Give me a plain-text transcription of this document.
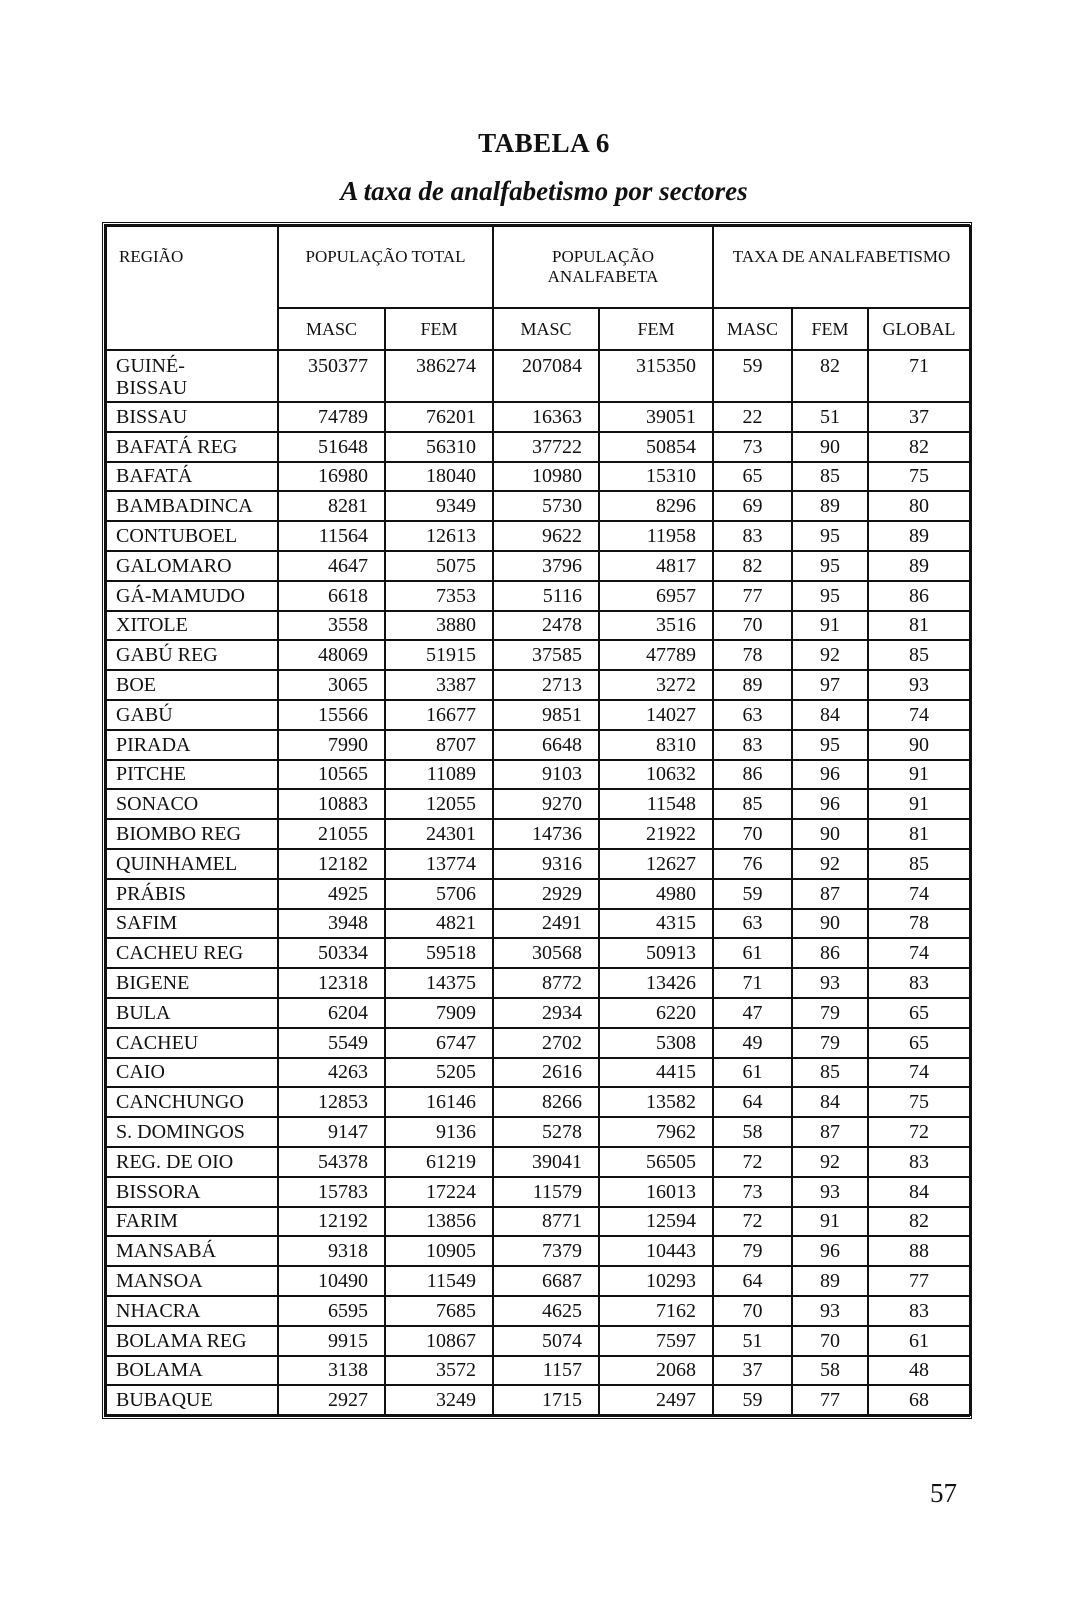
TABELA 6
A taxa de analfabetismo por sectores
REGIÃO	POPULAÇÃO TOTAL		POPULAÇÃO ANALFABETA		TAXA DE ANALFABETISMO		
	MASC	FEM	MASC	FEM	MASC	FEM	GLOBAL
GUINÉ-
BISSAU	350377	386274	207084	315350	59	82	71
BISSAU	74789	76201	16363	39051	22	51	37
BAFATÁ REG	51648	56310	37722	50854	73	90	82
BAFATÁ	16980	18040	10980	15310	65	85	75
BAMBADINCA	8281	9349	5730	8296	69	89	80
CONTUBOEL	11564	12613	9622	11958	83	95	89
GALOMARO	4647	5075	3796	4817	82	95	89
GÁ-MAMUDO	6618	7353	5116	6957	77	95	86
XITOLE	3558	3880	2478	3516	70	91	81
GABÚ REG	48069	51915	37585	47789	78	92	85
BOE	3065	3387	2713	3272	89	97	93
GABÚ	15566	16677	9851	14027	63	84	74
PIRADA	7990	8707	6648	8310	83	95	90
PITCHE	10565	11089	9103	10632	86	96	91
SONACO	10883	12055	9270	11548	85	96	91
BIOMBO REG	21055	24301	14736	21922	70	90	81
QUINHAMEL	12182	13774	9316	12627	76	92	85
PRÁBIS	4925	5706	2929	4980	59	87	74
SAFIM	3948	4821	2491	4315	63	90	78
CACHEU REG	50334	59518	30568	50913	61	86	74
BIGENE	12318	14375	8772	13426	71	93	83
BULA	6204	7909	2934	6220	47	79	65
CACHEU	5549	6747	2702	5308	49	79	65
CAIO	4263	5205	2616	4415	61	85	74
CANCHUNGO	12853	16146	8266	13582	64	84	75
S. DOMINGOS	9147	9136	5278	7962	58	87	72
REG. DE OIO	54378	61219	39041	56505	72	92	83
BISSORA	15783	17224	11579	16013	73	93	84
FARIM	12192	13856	8771	12594	72	91	82
MANSABÁ	9318	10905	7379	10443	79	96	88
MANSOA	10490	11549	6687	10293	64	89	77
NHACRA	6595	7685	4625	7162	70	93	83
BOLAMA REG	9915	10867	5074	7597	51	70	61
BOLAMA	3138	3572	1157	2068	37	58	48
BUBAQUE	2927	3249	1715	2497	59	77	68
57
